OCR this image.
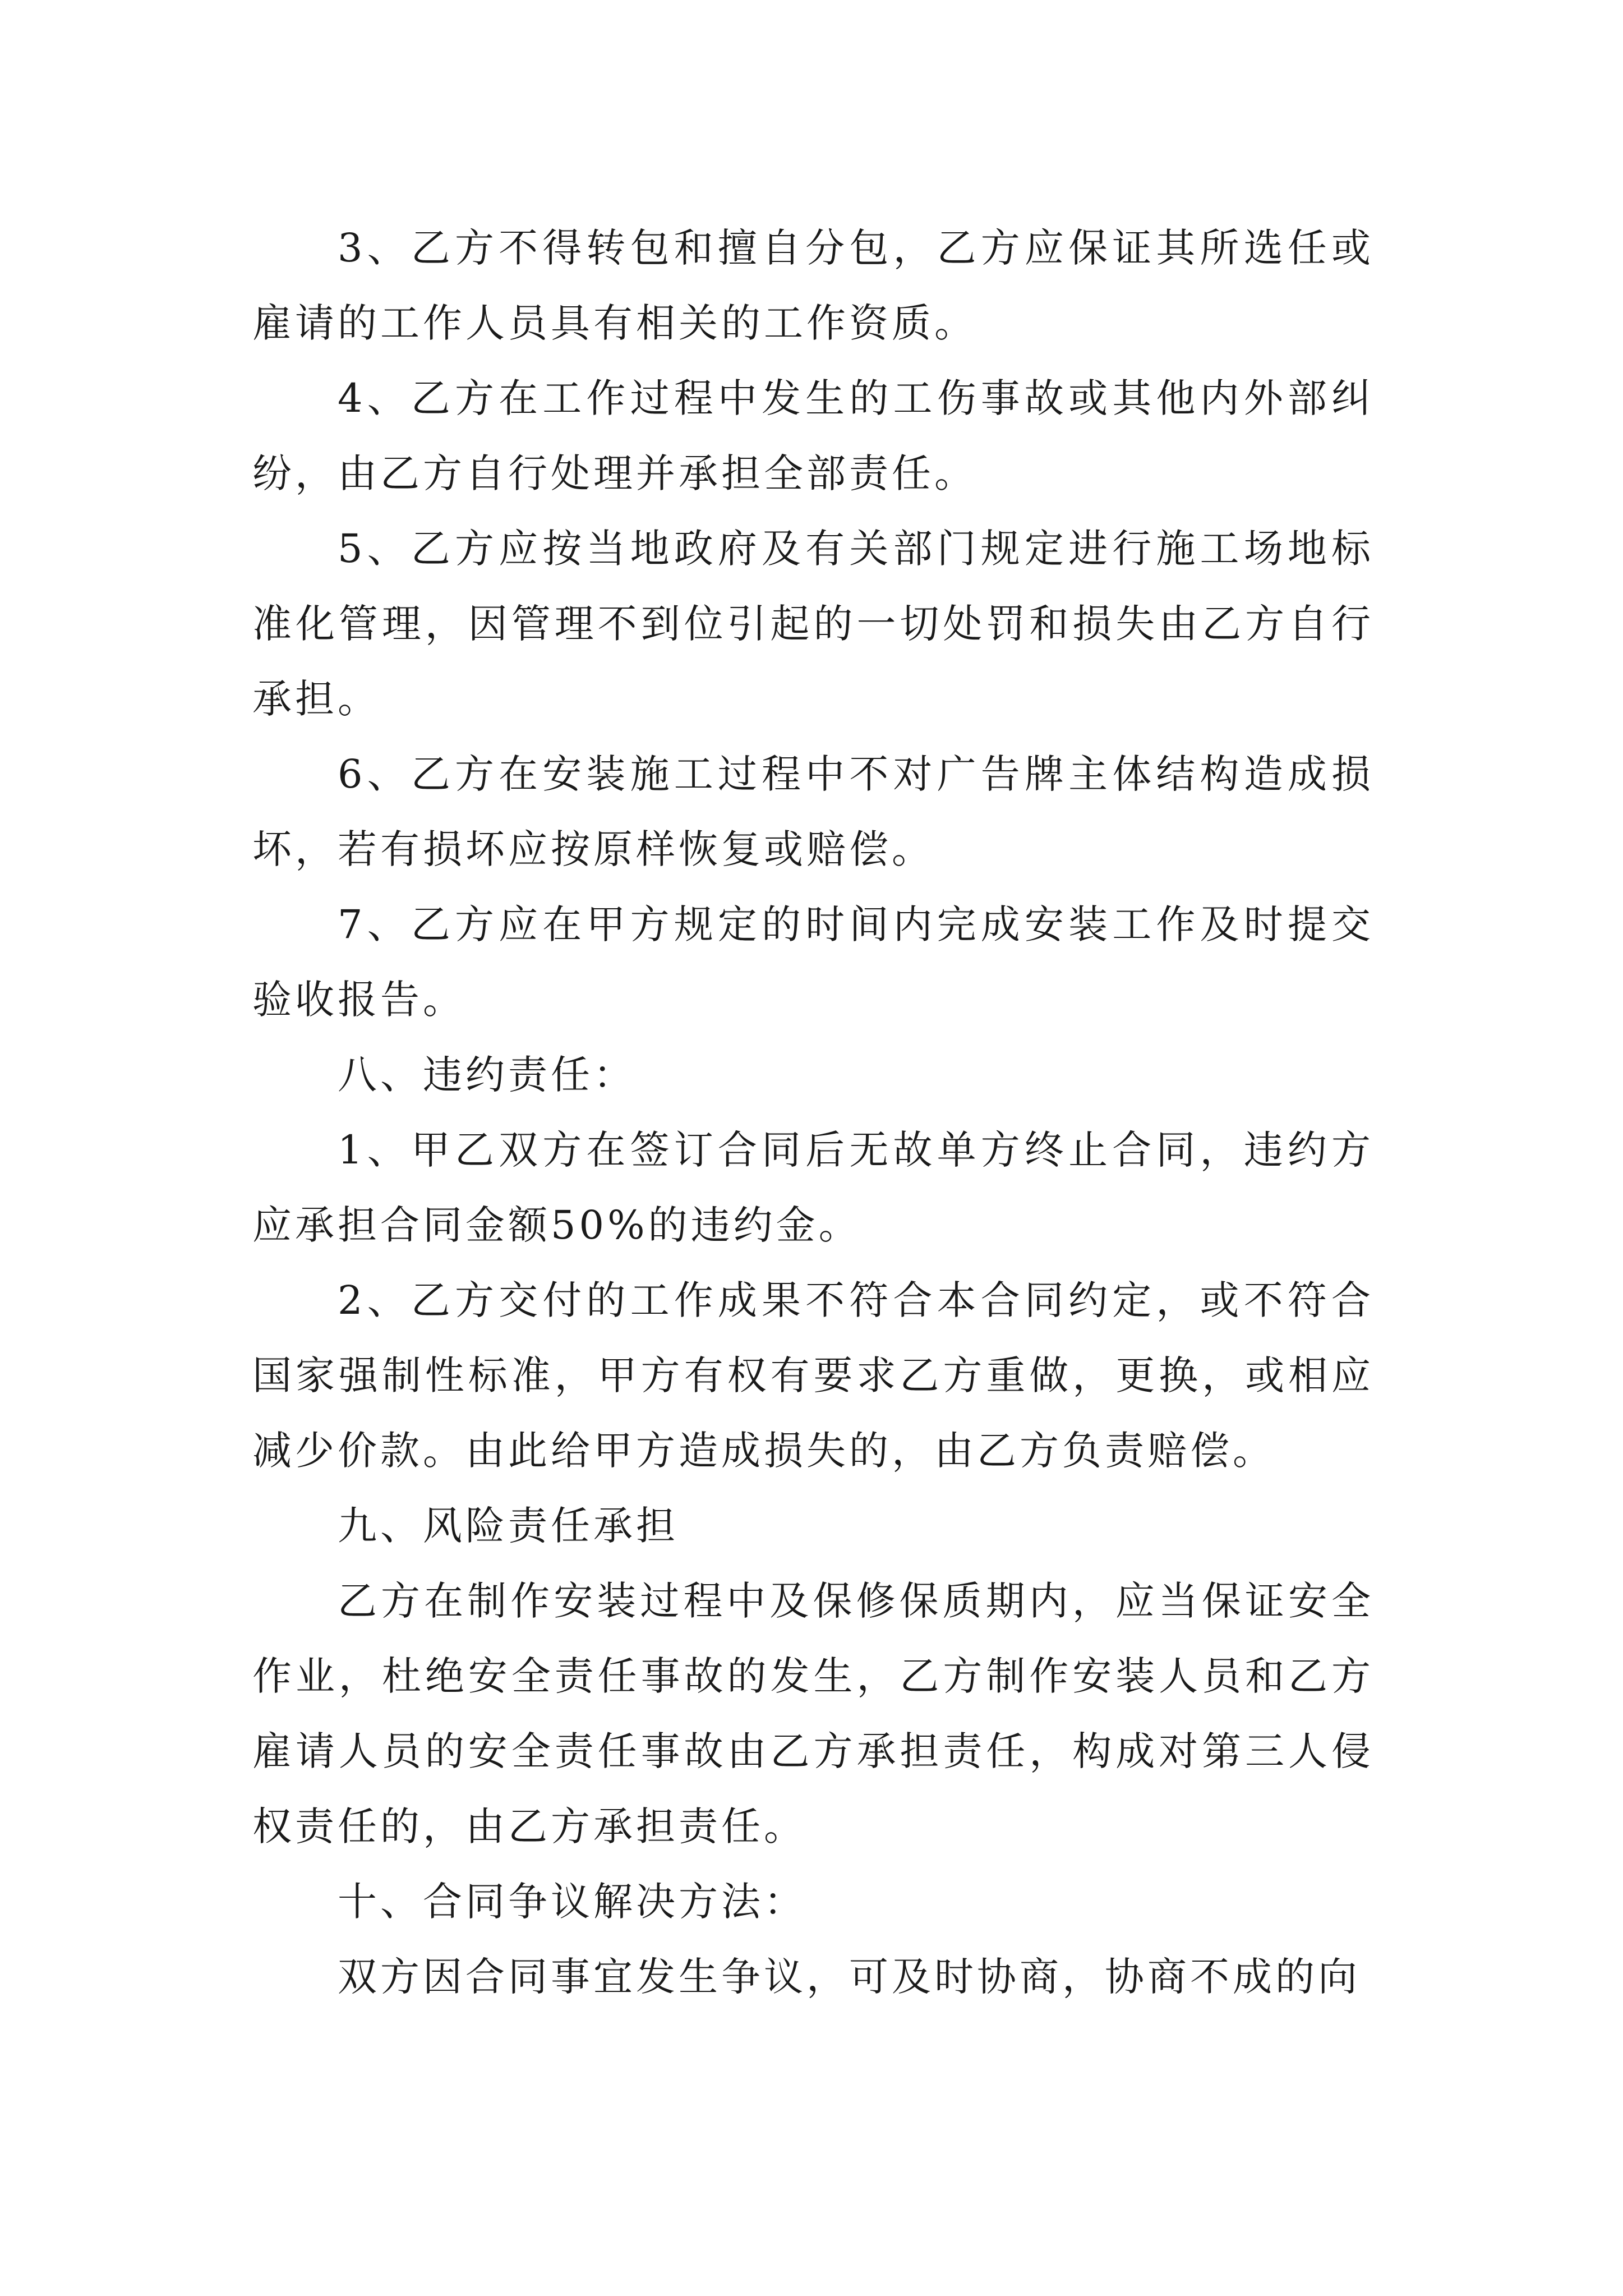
3、乙方不得转包和擅自分包，乙方应保证其所选任或雇请的工作人员具有相关的工作资质。

4、乙方在工作过程中发生的工伤事故或其他内外部纠纷，由乙方自行处理并承担全部责任。

5、乙方应按当地政府及有关部门规定进行施工场地标准化管理，因管理不到位引起的一切处罚和损失由乙方自行承担。

6、乙方在安装施工过程中不对广告牌主体结构造成损坏，若有损坏应按原样恢复或赔偿。

7、乙方应在甲方规定的时间内完成安装工作及时提交验收报告。

八、违约责任：

1、甲乙双方在签订合同后无故单方终止合同，违约方应承担合同金额50%的违约金。

2、乙方交付的工作成果不符合本合同约定，或不符合国家强制性标准，甲方有权有要求乙方重做，更换，或相应减少价款。由此给甲方造成损失的，由乙方负责赔偿。

九、风险责任承担

乙方在制作安装过程中及保修保质期内，应当保证安全作业，杜绝安全责任事故的发生，乙方制作安装人员和乙方雇请人员的安全责任事故由乙方承担责任，构成对第三人侵权责任的，由乙方承担责任。

十、合同争议解决方法：

双方因合同事宜发生争议，可及时协商，协商不成的向
